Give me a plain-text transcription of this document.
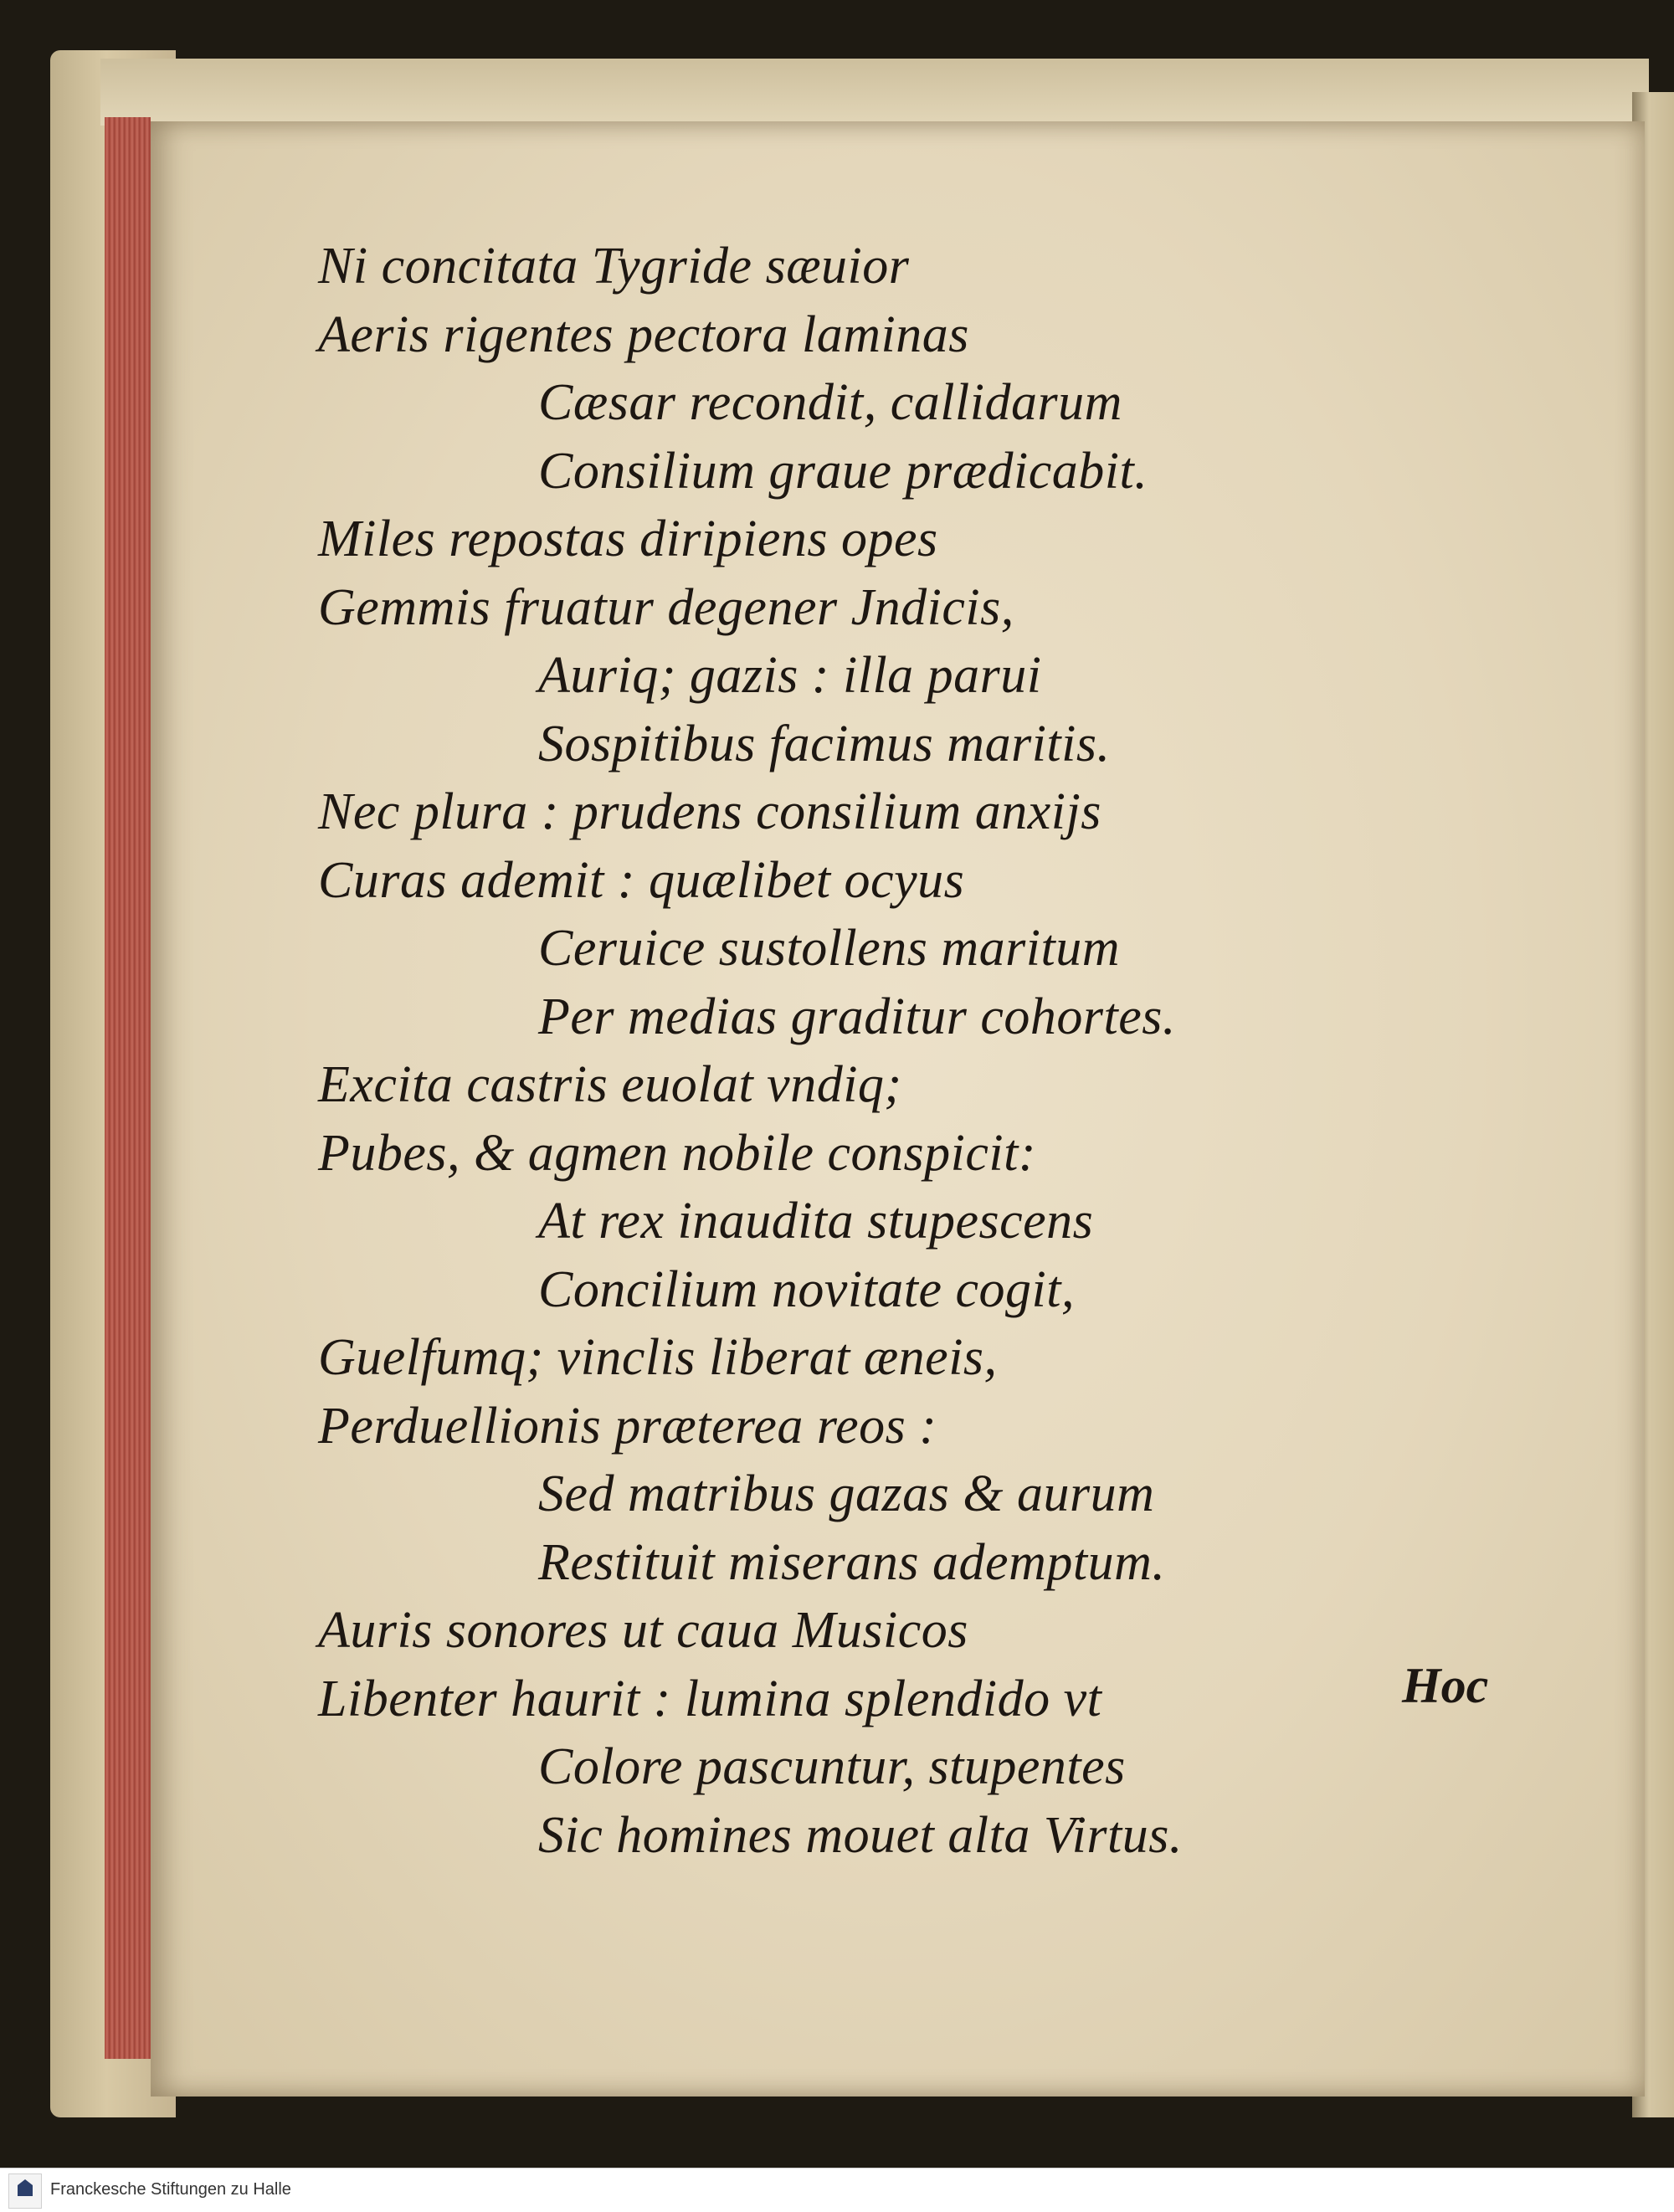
Ni concitata Tygride sæuior
Aeris rigentes pectora laminas
Cæsar recondit, callidarum
Consilium graue prædicabit.
Miles repostas diripiens opes
Gemmis fruatur degener Jndicis,
Auriq; gazis : illa parui
Sospitibus facimus maritis.
Nec plura : prudens consilium anxijs
Curas ademit : quælibet ocyus
Ceruice sustollens maritum
Per medias graditur cohortes.
Excita castris euolat vndiq;
Pubes, & agmen nobile conspicit:
At rex inaudita stupescens
Concilium novitate cogit,
Guelfumq; vinclis liberat æneis,
Perduellionis præterea reos :
Sed matribus gazas & aurum
Restituit miserans ademptum.
Auris sonores ut caua Musicos
Libenter haurit : lumina splendido vt
Colore pascuntur, stupentes
Sic homines mouet alta Virtus.
Hoc
Franckesche Stiftungen zu Halle
